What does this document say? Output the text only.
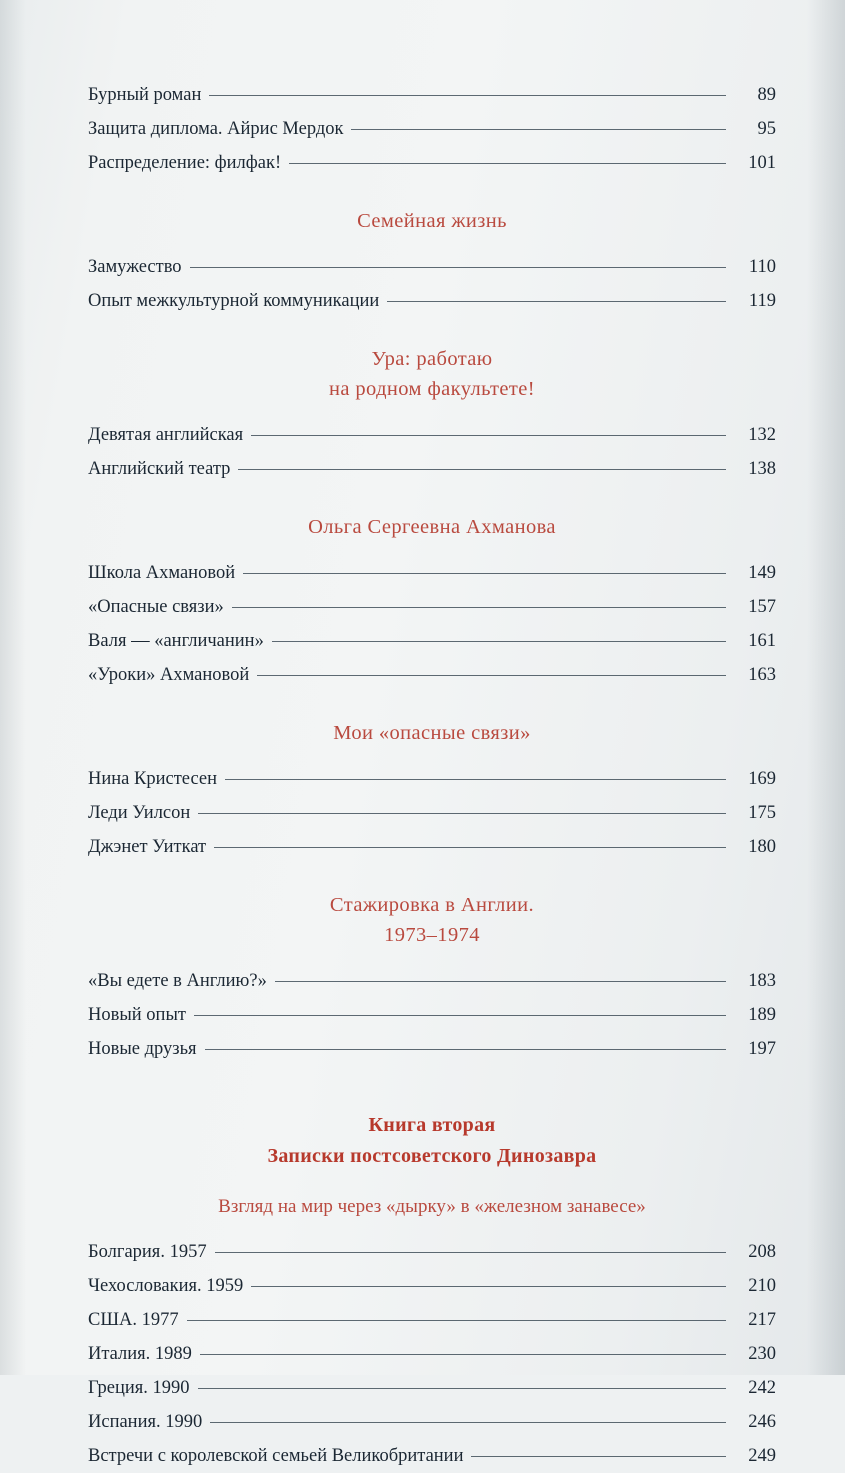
Бурный роман	89
Защита диплома. Айрис Мердок	95
Распределение: филфак!	101
Семейная жизнь
Замужество	110
Опыт межкультурной коммуникации	119
Ура: работаю
на родном факультете!
Девятая английская	132
Английский театр	138
Ольга Сергеевна Ахманова
Школа Ахмановой	149
«Опасные связи»	157
Валя — «англичанин»	161
«Уроки» Ахмановой	163
Мои «опасные связи»
Нина Кристесен	169
Леди Уилсон	175
Джэнет Уиткат	180
Стажировка в Англии.
1973–1974
«Вы едете в Англию?»	183
Новый опыт	189
Новые друзья	197
Книга вторая
Записки постсоветского Динозавра
Взгляд на мир через «дырку» в «железном занавесе»
Болгария. 1957	208
Чехословакия. 1959	210
США. 1977	217
Италия. 1989	230
Греция. 1990	242
Испания. 1990	246
Встречи с королевской семьей Великобритании	249
